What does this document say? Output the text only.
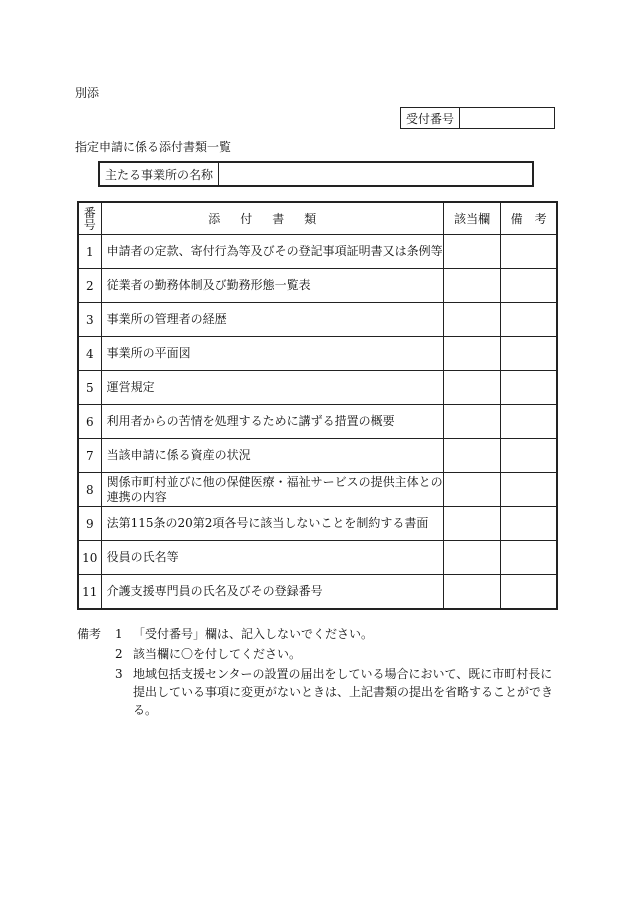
別添
受付番号
指定申請に係る添付書類一覧
主たる事業所の名称
番
号	添付書類	該当欄	備　考
1	申請者の定款、寄付行為等及びその登記事項証明書又は条例等		
2	従業者の勤務体制及び勤務形態一覧表		
3	事業所の管理者の経歴		
4	事業所の平面図		
5	運営規定		
6	利用者からの苦情を処理するために講ずる措置の概要		
7	当該申請に係る資産の状況		
8	関係市町村並びに他の保健医療・福祉サービスの提供主体との連携の内容		
9	法第115条の20第2項各号に該当しないことを制約する書面		
10	役員の氏名等		
11	介護支援専門員の氏名及びその登録番号		
備考	1 「受付番号」欄は、記入しないでください。
2 該当欄に〇を付してください。
3 地域包括支援センターの設置の届出をしている場合において、既に市町村長に提出している事項に変更がないときは、上記書類の提出を省略することができる。
